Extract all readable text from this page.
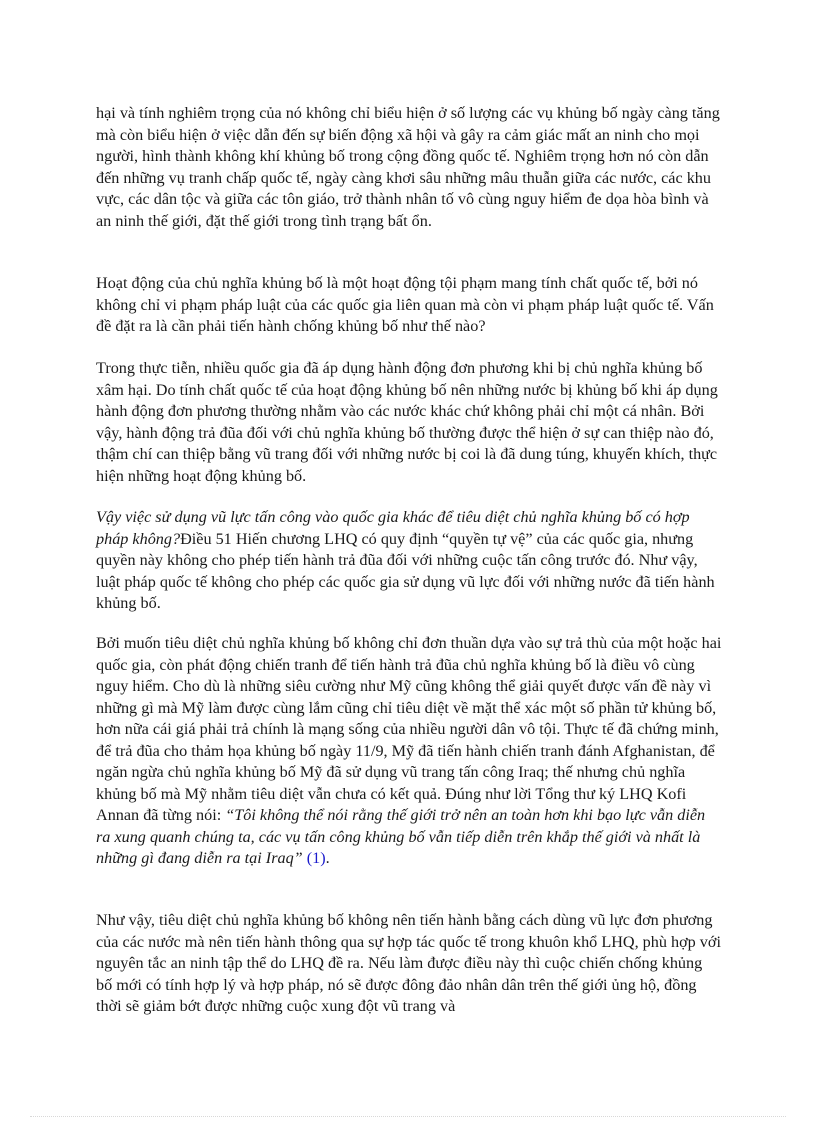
hại và tính nghiêm trọng của nó không chỉ biểu hiện ở số lượng các vụ khủng bố ngày càng tăng mà còn biểu hiện ở việc dẫn đến sự biến động xã hội và gây ra cảm giác mất an ninh cho mọi người, hình thành không khí khủng bố trong cộng đồng quốc tế. Nghiêm trọng hơn nó còn dẫn đến những vụ tranh chấp quốc tế, ngày càng khơi sâu những mâu thuẫn giữa các nước, các khu vực, các dân tộc và giữa các tôn giáo, trở thành nhân tố vô cùng nguy hiểm đe dọa hòa bình và an ninh thế giới, đặt thế giới trong tình trạng bất ổn.

Hoạt động của chủ nghĩa khủng bố là một hoạt động tội phạm mang tính chất quốc tế, bởi nó không chỉ vi phạm pháp luật của các quốc gia liên quan mà còn vi phạm pháp luật quốc tế. Vấn đề đặt ra là cần phải tiến hành chống khủng bố như thế nào?

Trong thực tiễn, nhiều quốc gia đã áp dụng hành động đơn phương khi bị chủ nghĩa khủng bố xâm hại. Do tính chất quốc tế của hoạt động khủng bố nên những nước bị khủng bố khi áp dụng hành động đơn phương thường nhằm vào các nước khác chứ không phải chỉ một cá nhân. Bởi vậy, hành động trả đũa đối với chủ nghĩa khủng bố thường được thể hiện ở sự can thiệp nào đó, thậm chí can thiệp bằng vũ trang đối với những nước bị coi là đã dung túng, khuyến khích, thực hiện những hoạt động khủng bố.

Vậy việc sử dụng vũ lực tấn công vào quốc gia khác để tiêu diệt chủ nghĩa khủng bố có hợp pháp không?Điều 51 Hiến chương LHQ có quy định “quyền tự vệ” của các quốc gia, nhưng quyền này không cho phép tiến hành trả đũa đối với những cuộc tấn công trước đó. Như vậy, luật pháp quốc tế không cho phép các quốc gia sử dụng vũ lực đối với những nước đã tiến hành khủng bố.

Bởi muốn tiêu diệt chủ nghĩa khủng bố không chỉ đơn thuần dựa vào sự trả thù của một hoặc hai quốc gia, còn phát động chiến tranh để tiến hành trả đũa chủ nghĩa khủng bố là điều vô cùng nguy hiểm. Cho dù là những siêu cường như Mỹ cũng không thể giải quyết được vấn đề này vì những gì mà Mỹ làm được cùng lắm cũng chỉ tiêu diệt về mặt thể xác một số phần tử khủng bố, hơn nữa cái giá phải trả chính là mạng sống của nhiều người dân vô tội. Thực tế đã chứng minh, để trả đũa cho thảm họa khủng bố ngày 11/9, Mỹ đã tiến hành chiến tranh đánh Afghanistan, để ngăn ngừa chủ nghĩa khủng bố Mỹ đã sử dụng vũ trang tấn công Iraq; thế nhưng chủ nghĩa khủng bố mà Mỹ nhằm tiêu diệt vẫn chưa có kết quả. Đúng như lời Tổng thư ký LHQ Kofi Annan đã từng nói: “Tôi không thể nói rằng thế giới trở nên an toàn hơn khi bạo lực vẫn diễn ra xung quanh chúng ta, các vụ tấn công khủng bố vẫn tiếp diễn trên khắp thế giới và nhất là những gì đang diễn ra tại Iraq” (1).

Như vậy, tiêu diệt chủ nghĩa khủng bố không nên tiến hành bằng cách dùng vũ lực đơn phương của các nước mà nên tiến hành thông qua sự hợp tác quốc tế trong khuôn khổ LHQ, phù hợp với nguyên tắc an ninh tập thể do LHQ đề ra. Nếu làm được điều này thì cuộc chiến chống khủng bố mới có tính hợp lý và hợp pháp, nó sẽ được đông đảo nhân dân trên thế giới ủng hộ, đồng thời sẽ giảm bớt được những cuộc xung đột vũ trang và
